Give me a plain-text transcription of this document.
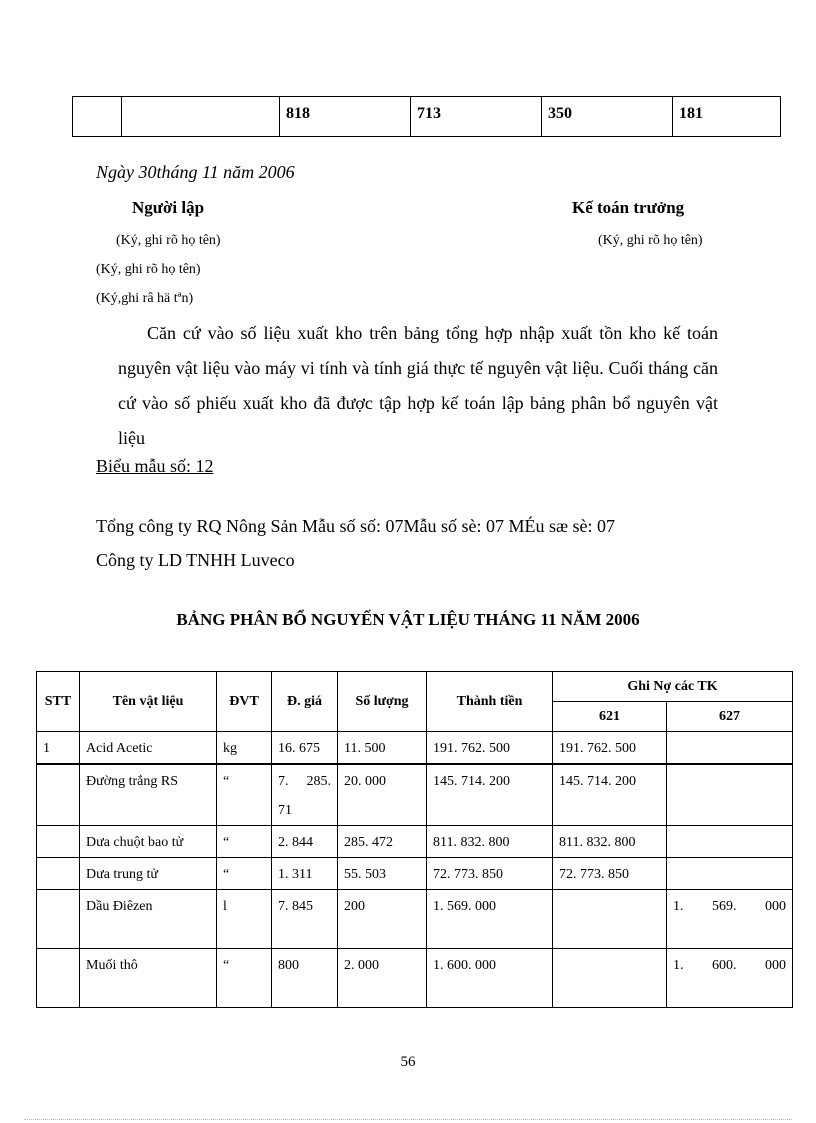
		818	713	350	181
Ngày 30tháng 11 năm 2006
Người lập	Kế toán trưởng
(Ký, ghi rõ họ tên)	(Ký, ghi rõ họ tên)
(Ký, ghi rõ họ tên)
(Ký,ghi râ hä tªn)

Căn cứ vào số liệu xuất kho trên bảng tổng hợp nhập xuất tồn kho kế toán nguyên vật liệu vào máy vi tính và tính giá thực tế nguyên vật liệu. Cuối tháng căn cứ vào số phiếu xuất kho đã được tập hợp kế toán lập bảng phân bổ nguyên vật liệu

Biểu mẫu số: 12
Tổng công ty RQ Nông Sản Mẫu số số: 07Mẫu số sè: 07 MÉu sæ sè: 07
Công ty LD TNHH Luveco
BẢNG PHÂN BỔ NGUYẾN VẬT LIỆU THÁNG 11 NĂM 2006
STT	Tên vật liệu	ĐVT	Đ. giá	Số lượng	Thành tiền	Ghi Nợ các TK	
						621	627
1	Acid Acetic	kg	16. 675	11. 500	191. 762. 500	191. 762. 500	
	Đường trắng RS	“	7. 285. 71	20. 000	145. 714. 200	145. 714. 200	
	Dưa chuột bao tử	“	2. 844	285. 472	811. 832. 800	811. 832. 800	
	Dưa trung tử	“	1. 311	55. 503	72. 773. 850	72. 773. 850	
	Dầu Điêzen	l	7. 845	200	1. 569. 000		1. 569. 000
	Muối thô	“	800	2. 000	1. 600. 000		1. 600. 000
56
